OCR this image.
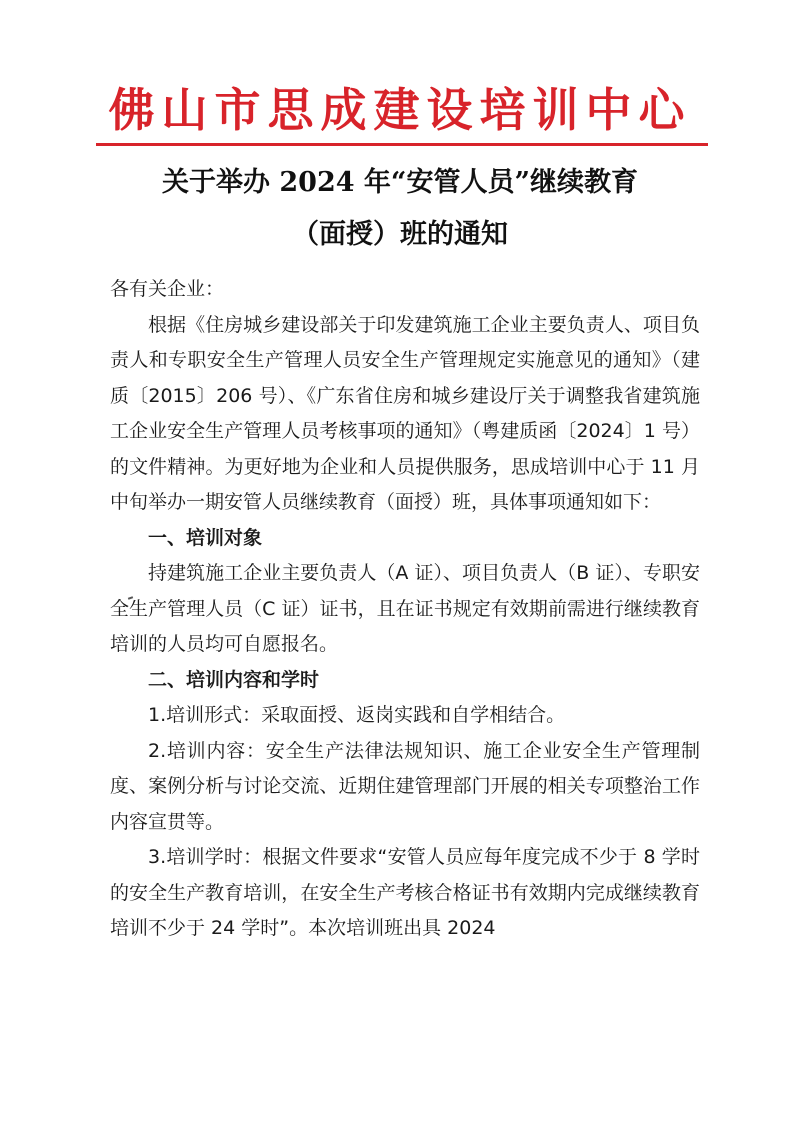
佛山市思成建设培训中心
关于举办 2024 年“安管人员”继续教育
（面授）班的通知

各有关企业：

根据《住房城乡建设部关于印发建筑施工企业主要负责人、项目负责人和专职安全生产管理人员安全生产管理规定实施意见的通知》（建质〔2015〕206 号）、《广东省住房和城乡建设厅关于调整我省建筑施工企业安全生产管理人员考核事项的通知》（粤建质函〔2024〕1 号）的文件精神。为更好地为企业和人员提供服务，思成培训中心于 11 月中旬举办一期安管人员继续教育（面授）班，具体事项通知如下：

一、培训对象

持建筑施工企业主要负责人（A 证）、项目负责人（B 证）、专职安全生产管理人员（C 证）证书，且在证书规定有效期前需进行继续教育培训的人员均可自愿报名。

二、培训内容和学时

1.培训形式：采取面授、返岗实践和自学相结合。

2.培训内容：安全生产法律法规知识、施工企业安全生产管理制度、案例分析与讨论交流、近期住建管理部门开展的相关专项整治工作内容宣贯等。

3.培训学时：根据文件要求“安管人员应每年度完成不少于 8 学时的安全生产教育培训，在安全生产考核合格证书有效期内完成继续教育培训不少于 24 学时”。本次培训班出具 2024
